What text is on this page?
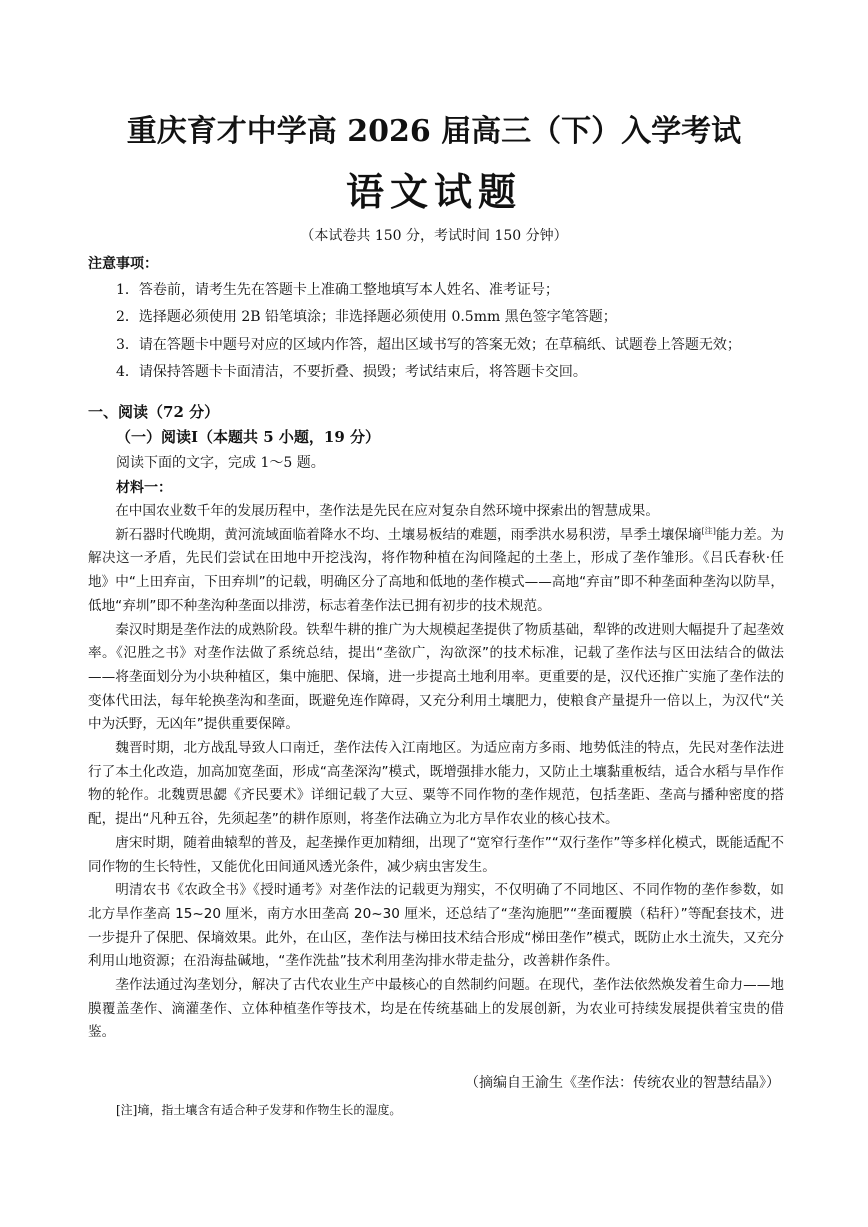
重庆育才中学高 2026 届高三（下）入学考试
语文试题
（本试卷共 150 分，考试时间 150 分钟）
注意事项：
1．答卷前，请考生先在答题卡上准确工整地填写本人姓名、准考证号；
2．选择题必须使用 2B 铅笔填涂；非选择题必须使用 0.5mm 黑色签字笔答题；
3．请在答题卡中题号对应的区域内作答，超出区域书写的答案无效；在草稿纸、试题卷上答题无效；
4．请保持答题卡卡面清洁，不要折叠、损毁；考试结束后，将答题卡交回。
一、阅读（72 分）
（一）阅读Ⅰ（本题共 5 小题，19 分）
阅读下面的文字，完成 1～5 题。
材料一：

在中国农业数千年的发展历程中，垄作法是先民在应对复杂自然环境中探索出的智慧成果。

新石器时代晚期，黄河流域面临着降水不均、土壤易板结的难题，雨季洪水易积涝，旱季土壤保墒[注]能力差。为解决这一矛盾，先民们尝试在田地中开挖浅沟，将作物种植在沟间隆起的土垄上，形成了垄作雏形。《吕氏春秋·任地》中“上田弃亩，下田弃圳”的记载，明确区分了高地和低地的垄作模式——高地“弃亩”即不种垄面种垄沟以防旱，低地“弃圳”即不种垄沟种垄面以排涝，标志着垄作法已拥有初步的技术规范。

秦汉时期是垄作法的成熟阶段。铁犁牛耕的推广为大规模起垄提供了物质基础，犁铧的改进则大幅提升了起垄效率。《氾胜之书》对垄作法做了系统总结，提出“垄欲广，沟欲深”的技术标准，记载了垄作法与区田法结合的做法——将垄面划分为小块种植区，集中施肥、保墒，进一步提高土地利用率。更重要的是，汉代还推广实施了垄作法的变体代田法，每年轮换垄沟和垄面，既避免连作障碍，又充分利用土壤肥力，使粮食产量提升一倍以上，为汉代“关中为沃野，无凶年”提供重要保障。

魏晋时期，北方战乱导致人口南迁，垄作法传入江南地区。为适应南方多雨、地势低洼的特点，先民对垄作法进行了本土化改造，加高加宽垄面，形成“高垄深沟”模式，既增强排水能力，又防止土壤黏重板结，适合水稻与旱作作物的轮作。北魏贾思勰《齐民要术》详细记载了大豆、粟等不同作物的垄作规范，包括垄距、垄高与播种密度的搭配，提出“凡种五谷，先须起垄”的耕作原则，将垄作法确立为北方旱作农业的核心技术。

唐宋时期，随着曲辕犁的普及，起垄操作更加精细，出现了“宽窄行垄作”“双行垄作”等多样化模式，既能适配不同作物的生长特性，又能优化田间通风透光条件，减少病虫害发生。

明清农书《农政全书》《授时通考》对垄作法的记载更为翔实，不仅明确了不同地区、不同作物的垄作参数，如北方旱作垄高 15~20 厘米，南方水田垄高 20~30 厘米，还总结了“垄沟施肥”“垄面覆膜（秸秆）”等配套技术，进一步提升了保肥、保墒效果。此外，在山区，垄作法与梯田技术结合形成“梯田垄作”模式，既防止水土流失，又充分利用山地资源；在沿海盐碱地，“垄作洗盐”技术利用垄沟排水带走盐分，改善耕作条件。

垄作法通过沟垄划分，解决了古代农业生产中最核心的自然制约问题。在现代，垄作法依然焕发着生命力——地膜覆盖垄作、滴灌垄作、立体种植垄作等技术，均是在传统基础上的发展创新，为农业可持续发展提供着宝贵的借鉴。

（摘编自王渝生《垄作法：传统农业的智慧结晶》）
[注]墒，指土壤含有适合种子发芽和作物生长的湿度。
